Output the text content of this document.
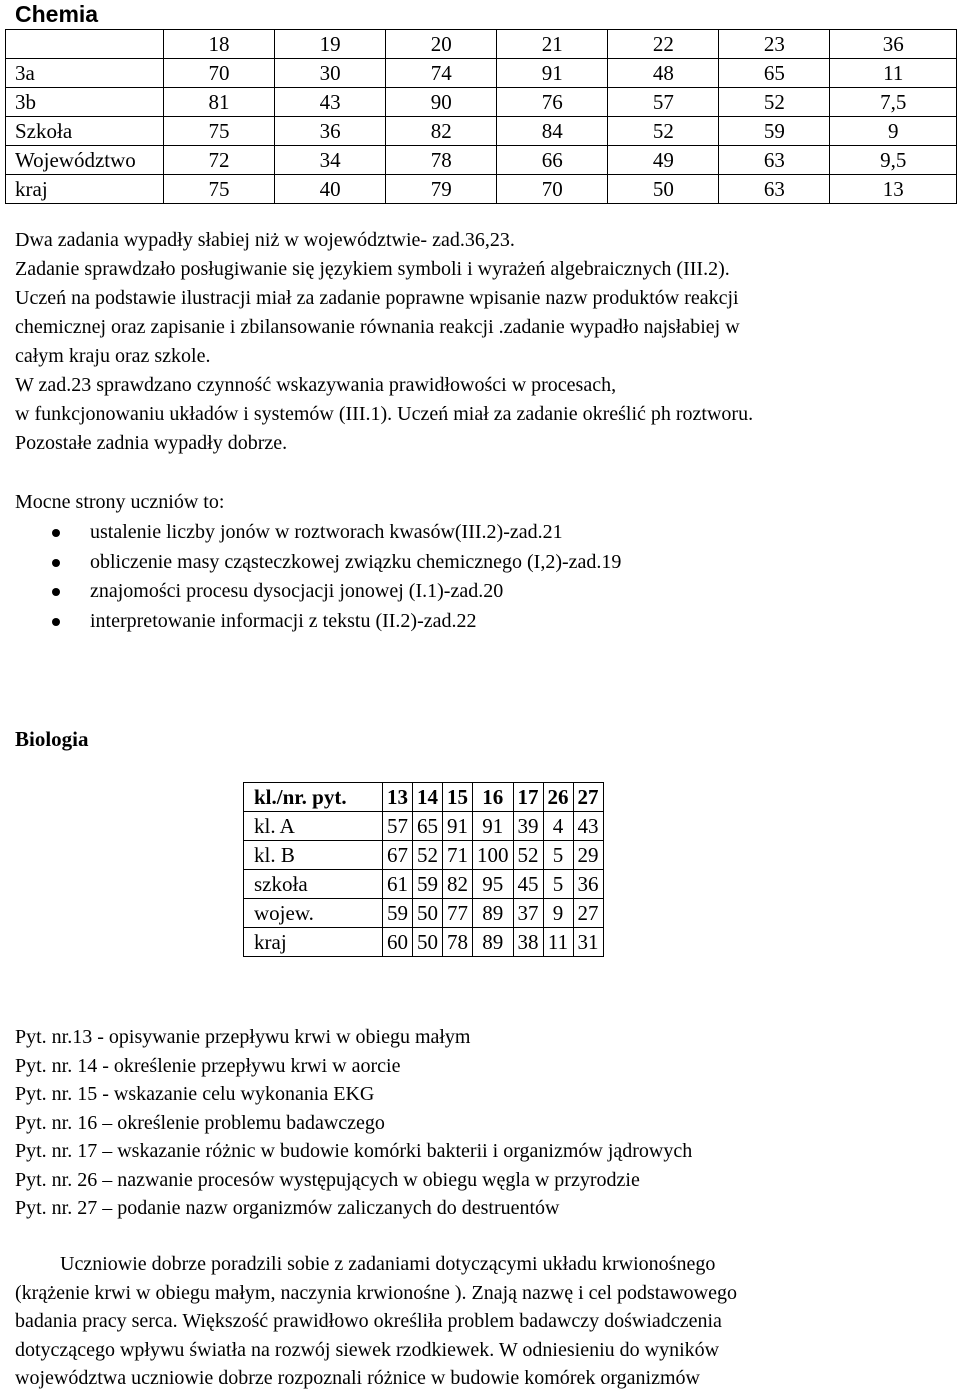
Chemia
	18	19	20	21	22	23	36
3a	70	30	74	91	48	65	11
3b	81	43	90	76	57	52	7,5
Szkoła	75	36	82	84	52	59	9
Województwo	72	34	78	66	49	63	9,5
kraj	75	40	79	70	50	63	13

Dwa zadania wypadły słabiej niż w województwie- zad.36,23.

Zadanie sprawdzało posługiwanie się językiem symboli i wyrażeń algebraicznych (III.2).

Uczeń na podstawie ilustracji miał za zadanie poprawne wpisanie nazw produktów reakcji

chemicznej oraz zapisanie i zbilansowanie równania reakcji .zadanie wypadło najsłabiej w

całym kraju oraz szkole.

W zad.23 sprawdzano czynność wskazywania prawidłowości w procesach,

w funkcjonowaniu układów i systemów (III.1). Uczeń miał za zadanie określić ph roztworu.

Pozostałe zadnia wypadły dobrze.

Mocne strony uczniów to:
ustalenie liczby jonów w roztworach kwasów(III.2)-zad.21
obliczenie masy cząsteczkowej związku chemicznego (I,2)-zad.19
znajomości procesu dysocjacji jonowej (I.1)-zad.20
interpretowanie informacji z tekstu (II.2)-zad.22
Biologia
kl./nr. pyt.	13	14	15	16	17	26	27
kl. A	57	65	91	91	39	4	43
kl. B	67	52	71	100	52	5	29
szkoła	61	59	82	95	45	5	36
wojew.	59	50	77	89	37	9	27
kraj	60	50	78	89	38	11	31

Pyt. nr.13 - opisywanie przepływu krwi w obiegu małym

Pyt. nr. 14 - określenie przepływu krwi w aorcie

Pyt. nr. 15 - wskazanie celu wykonania EKG

Pyt. nr. 16 – określenie problemu badawczego

Pyt. nr. 17 – wskazanie różnic w budowie komórki bakterii i organizmów jądrowych

Pyt. nr. 26 – nazwanie procesów występujących w obiegu węgla w przyrodzie

Pyt. nr. 27 – podanie nazw organizmów zaliczanych do destruentów

Uczniowie dobrze poradzili sobie z zadaniami dotyczącymi układu krwionośnego

(krążenie krwi w obiegu małym, naczynia krwionośne ). Znają nazwę i cel podstawowego

badania pracy serca. Większość prawidłowo określiła problem badawczy doświadczenia

dotyczącego wpływu światła na rozwój siewek rzodkiewek. W odniesieniu do wyników

województwa uczniowie dobrze rozpoznali różnice w budowie komórek organizmów
